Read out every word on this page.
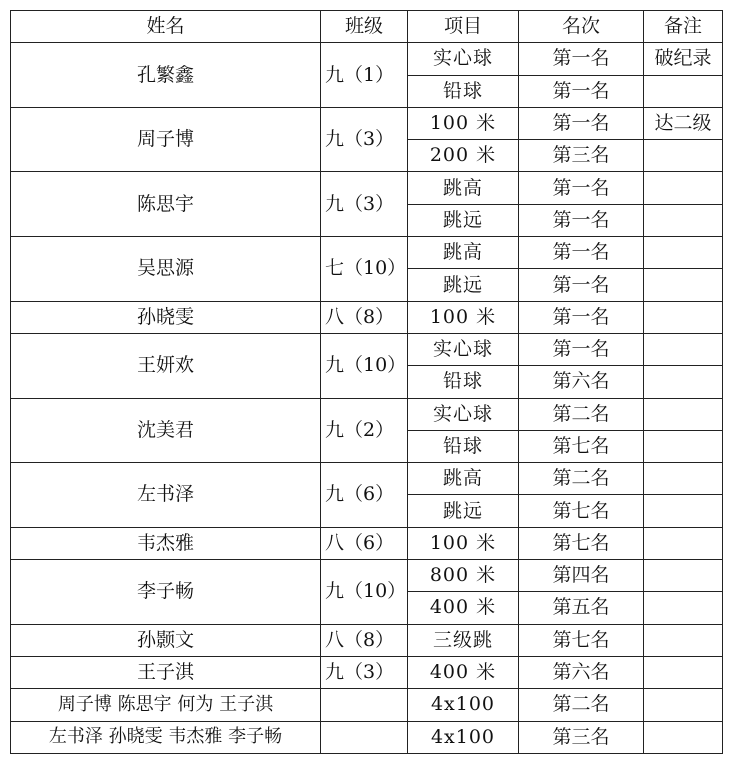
姓名	班级	项目	名次	备注
孔繁鑫	九（1）	实心球	第一名	破纪录
		铅球	第一名	
周子博	九（3）	100 米	第一名	达二级
		200 米	第三名	
陈思宇	九（3）	跳高	第一名	
		跳远	第一名	
吴思源	七（10）	跳高	第一名	
		跳远	第一名	
孙晓雯	八（8）	100 米	第一名	
王妍欢	九（10）	实心球	第一名	
		铅球	第六名	
沈美君	九（2）	实心球	第二名	
		铅球	第七名	
左书泽	九（6）	跳高	第二名	
		跳远	第七名	
韦杰雅	八（6）	100 米	第七名	
李子畅	九（10）	800 米	第四名	
		400 米	第五名	
孙颢文	八（8）	三级跳	第七名	
王子淇	九（3）	400 米	第六名	
周子博 陈思宇 何为 王子淇		4x100	第二名	
左书泽 孙晓雯 韦杰雅 李子畅		4x100	第三名	
